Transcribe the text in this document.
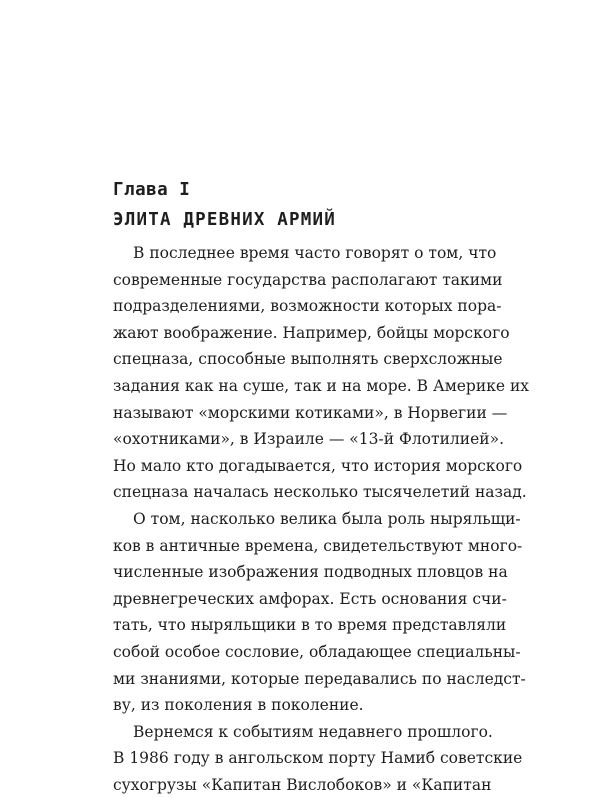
Глава I
ЭЛИТА ДРЕВНИХ АРМИЙ

В последнее время часто говорят о том, что
современные государства располагают такими
подразделениями, возможности которых пора-
жают воображение. Например, бойцы морского
спецназа, способные выполнять сверхсложные
задания как на суше, так и на море. В Америке их
называют «морскими котиками», в Норвегии —
«охотниками», в Израиле — «13-й Флотилией».
Но мало кто догадывается, что история морского
спецназа началась несколько тысячелетий назад.

О том, насколько велика была роль ныряльщи-
ков в античные времена, свидетельствуют много-
численные изображения подводных пловцов на
древнегреческих амфорах. Есть основания счи-
тать, что ныряльщики в то время представляли
собой особое сословие, обладающее специальны-
ми знаниями, которые передавались по наследст-
ву, из поколения в поколение.

Вернемся к событиям недавнего прошлого.
В 1986 году в ангольском порту Намиб советские
сухогрузы «Капитан Вислобоков» и «Капитан
